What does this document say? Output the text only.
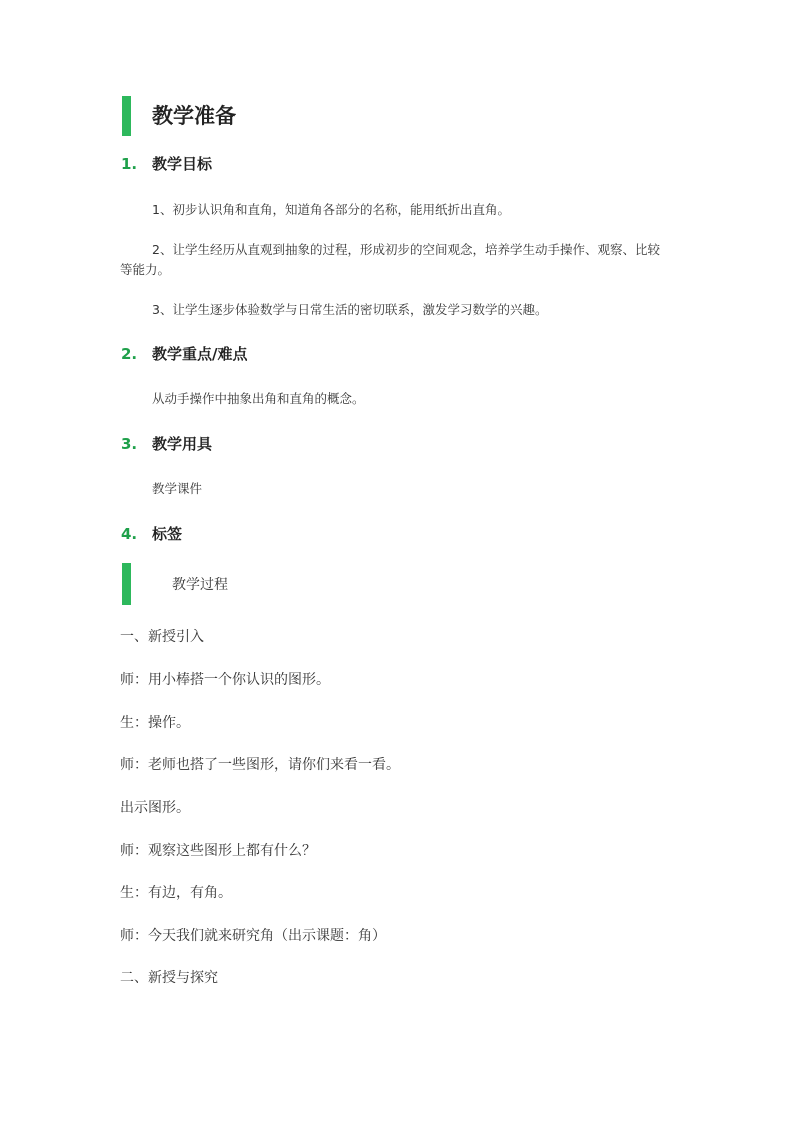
教学准备
1. 教学目标
1、初步认识角和直角，知道角各部分的名称，能用纸折出直角。
2、让学生经历从直观到抽象的过程，形成初步的空间观念，培养学生动手操作、观察、比较等能力。
3、让学生逐步体验数学与日常生活的密切联系，激发学习数学的兴趣。
2. 教学重点/难点
从动手操作中抽象出角和直角的概念。
3. 教学用具
教学课件
4. 标签
教学过程
一、新授引入
师：用小棒搭一个你认识的图形。
生：操作。
师：老师也搭了一些图形，请你们来看一看。
出示图形。
师：观察这些图形上都有什么？
生：有边，有角。
师：今天我们就来研究角（出示课题：角）
二、新授与探究
